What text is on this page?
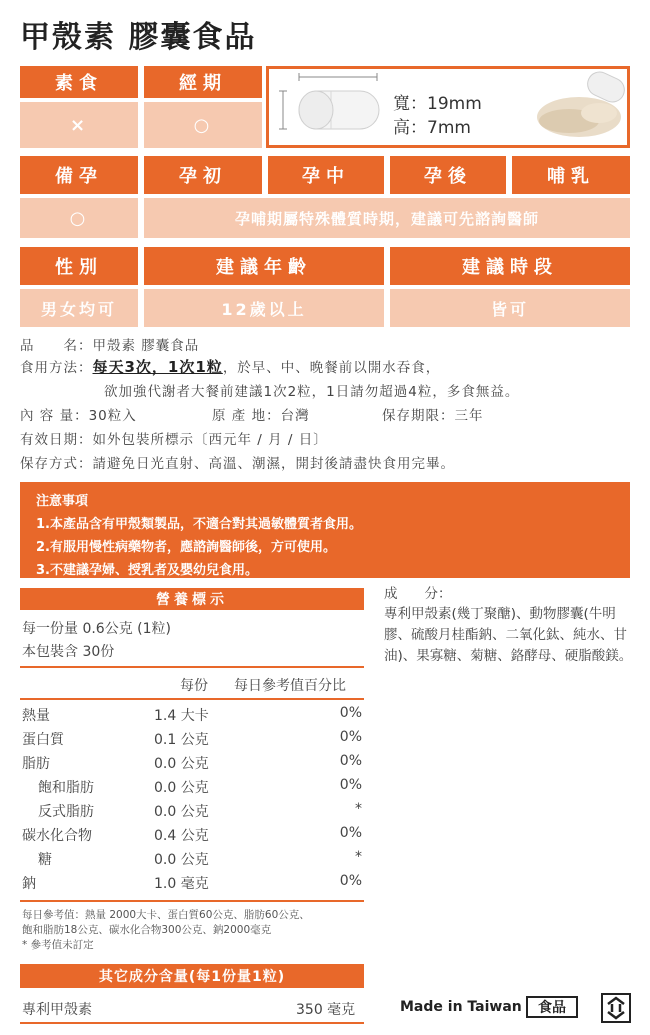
甲殼素 膠囊食品
素食	經期
×	○
寬：19mm
高：7mm
備孕	孕初	孕中	孕後	哺乳
○	孕哺期屬特殊體質時期，建議可先諮詢醫師
性別	建議年齡	建議時段
男女均可	12歲以上	皆可
品　　名：甲殼素 膠囊食品
食用方法：每天3次，1次1粒，於早、中、晚餐前以開水吞食，
欲加強代謝者大餐前建議1次2粒，1日請勿超過4粒，多食無益。
內 容 量：30粒入	原 產 地：台灣	保存期限：三年
有效日期：如外包裝所標示〔西元年 / 月 / 日〕
保存方式：請避免日光直射、高溫、潮濕，開封後請盡快食用完畢。
注意事項
1.本產品含有甲殼類製品，不適合對其過敏體質者食用。
2.有服用慢性病藥物者，應諮詢醫師後，方可使用。
3.不建議孕婦、授乳者及嬰幼兒食用。
營養標示
每一份量 0.6公克 (1粒)
本包裝含 30份
每份 每日參考值百分比
熱量	1.4 大卡	0%
蛋白質	0.1 公克	0%
脂肪	0.0 公克	0%
飽和脂肪	0.0 公克	0%
反式脂肪	0.0 公克	*
碳水化合物	0.4 公克	0%
糖	0.0 公克	*
鈉	1.0 毫克	0%
每日參考值：熱量 2000大卡、蛋白質60公克、脂肪60公克、
飽和脂肪18公克、碳水化合物300公克、鈉2000毫克
* 參考值未訂定
其它成分含量(每1份量1粒)
專利甲殼素	350 毫克
成　　分：
專利甲殼素(幾丁聚醣)、動物膠囊(牛明膠、硫酸月桂酯鈉、二氧化鈦、純水、甘油)、果寡糖、菊糖、鉻酵母、硬脂酸鎂。
Made in Taiwan	食品
